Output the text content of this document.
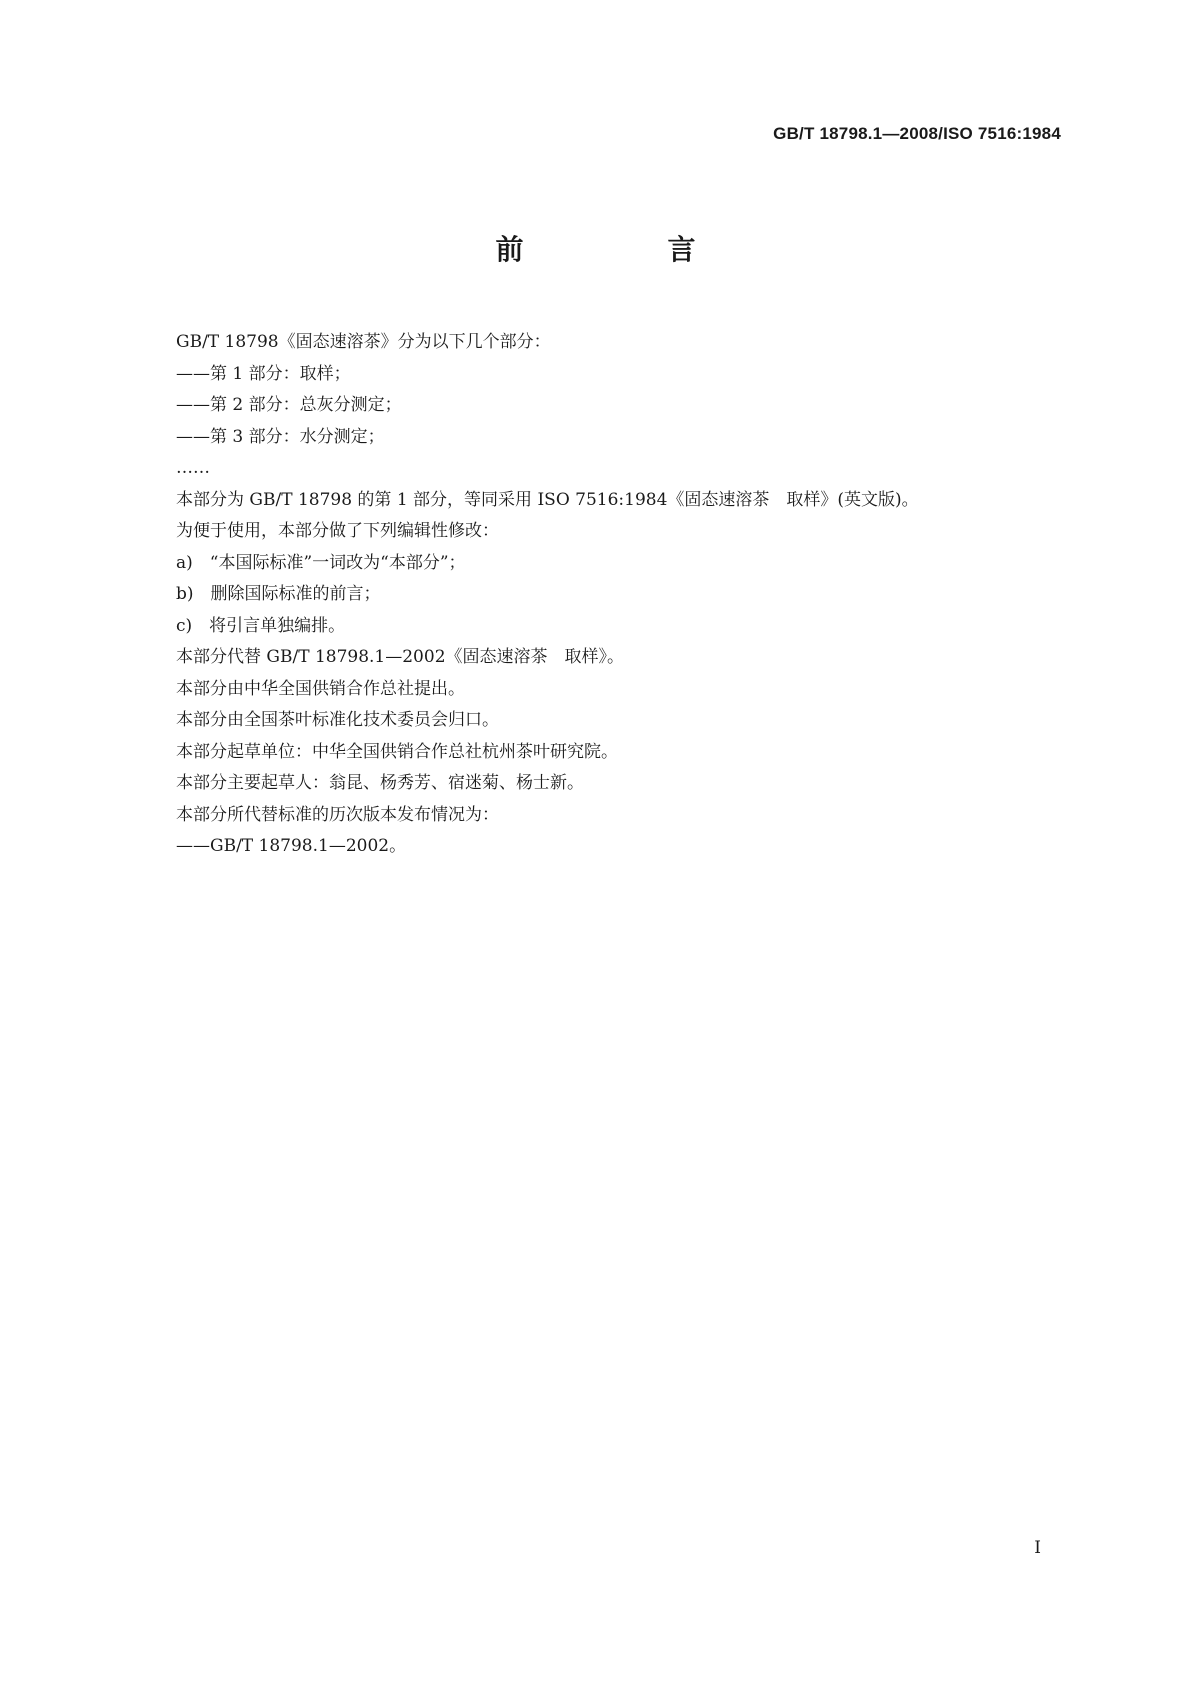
GB/T 18798.1—2008/ISO 7516:1984
前　言
GB/T 18798《固态速溶茶》分为以下几个部分：
——第 1 部分：取样；
——第 2 部分：总灰分测定；
——第 3 部分：水分测定；
……
本部分为 GB/T 18798 的第 1 部分，等同采用 ISO 7516:1984《固态速溶茶　取样》(英文版)。
为便于使用，本部分做了下列编辑性修改：
a)　“本国际标准”一词改为“本部分”；
b)　删除国际标准的前言；
c)　将引言单独编排。
本部分代替 GB/T 18798.1—2002《固态速溶茶　取样》。
本部分由中华全国供销合作总社提出。
本部分由全国茶叶标准化技术委员会归口。
本部分起草单位：中华全国供销合作总社杭州茶叶研究院。
本部分主要起草人：翁昆、杨秀芳、宿迷菊、杨士新。
本部分所代替标准的历次版本发布情况为：
——GB/T 18798.1—2002。
I
